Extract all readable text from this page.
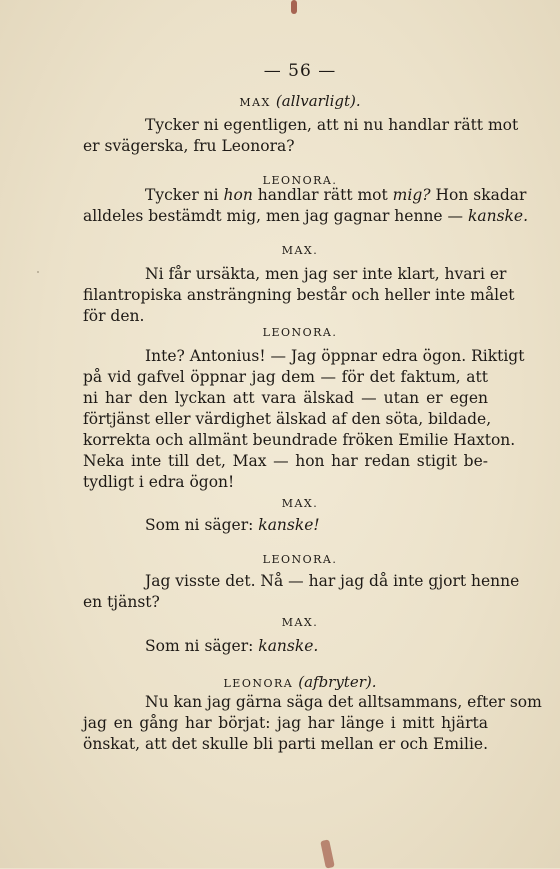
— 56 —
MAX (allvarligt).
Tycker ni egentligen, att ni nu handlar rätt mot
er svägerska, fru Leonora?
LEONORA.
Tycker ni hon handlar rätt mot mig? Hon skadar
alldeles bestämdt mig, men jag gagnar henne — kanske.
MAX.
Ni får ursäkta, men jag ser inte klart, hvari er
filantropiska ansträngning består och heller inte målet
för den.
LEONORA.
Inte? Antonius! — Jag öppnar edra ögon. Riktigt
på vid gafvel öppnar jag dem — för det faktum, att
ni har den lyckan att vara älskad — utan er egen
förtjänst eller värdighet älskad af den söta, bildade,
korrekta och allmänt beundrade fröken Emilie Haxton.
Neka inte till det, Max — hon har redan stigit be-
tydligt i edra ögon!
MAX.
Som ni säger: kanske!
LEONORA.
Jag visste det. Nå — har jag då inte gjort henne
en tjänst?
MAX.
Som ni säger: kanske.
LEONORA (afbryter).
Nu kan jag gärna säga det alltsammans, efter som
jag en gång har börjat: jag har länge i mitt hjärta
önskat, att det skulle bli parti mellan er och Emilie.
